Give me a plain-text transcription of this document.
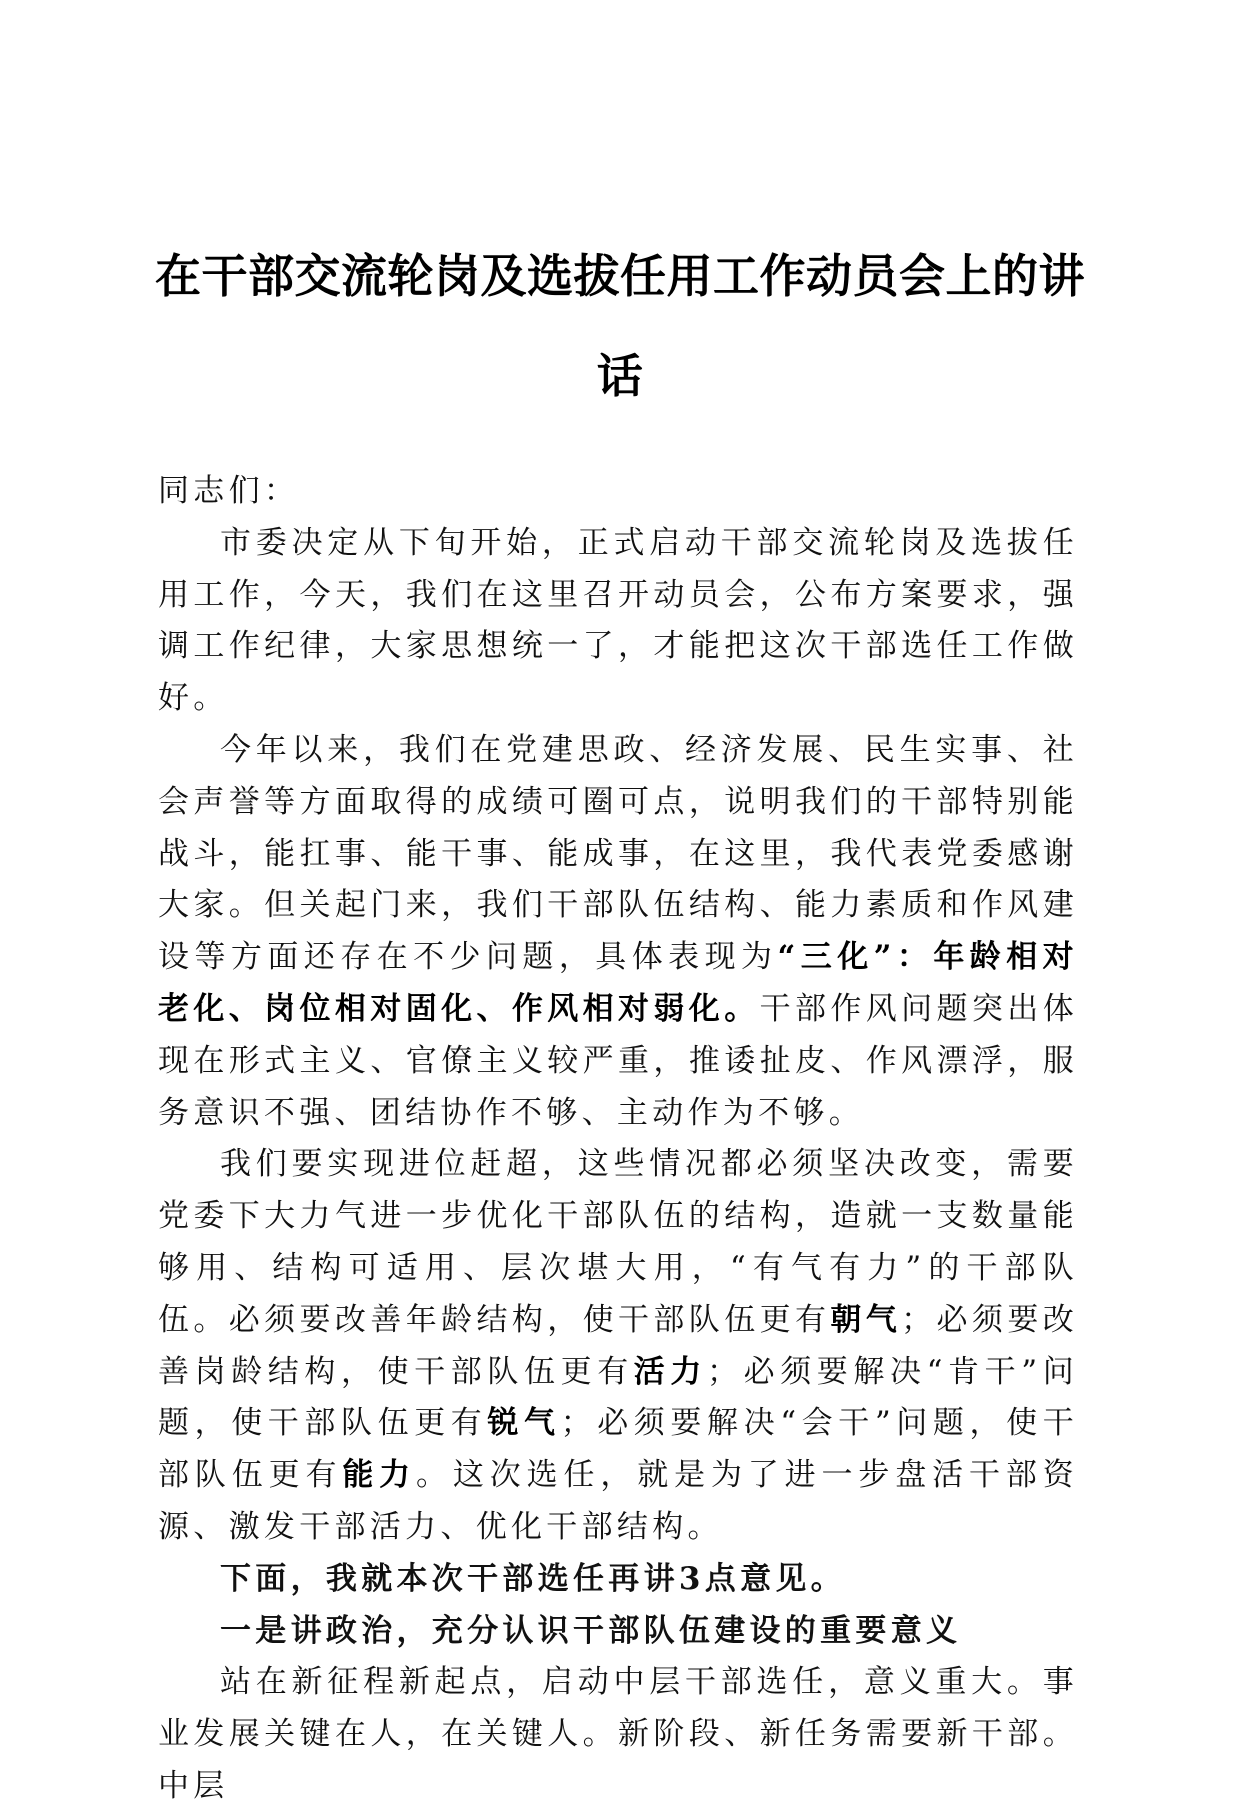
在干部交流轮岗及选拔任用工作动员会上的讲话

同志们：

市委决定从下旬开始，正式启动干部交流轮岗及选拔任用工作，今天，我们在这里召开动员会，公布方案要求，强调工作纪律，大家思想统一了，才能把这次干部选任工作做好。

今年以来，我们在党建思政、经济发展、民生实事、社会声誉等方面取得的成绩可圈可点，说明我们的干部特别能战斗，能扛事、能干事、能成事，在这里，我代表党委感谢大家。但关起门来，我们干部队伍结构、能力素质和作风建设等方面还存在不少问题，具体表现为“三化”：年龄相对老化、岗位相对固化、作风相对弱化。干部作风问题突出体现在形式主义、官僚主义较严重，推诿扯皮、作风漂浮，服务意识不强、团结协作不够、主动作为不够。

我们要实现进位赶超，这些情况都必须坚决改变，需要党委下大力气进一步优化干部队伍的结构，造就一支数量能够用、结构可适用、层次堪大用，“有气有力”的干部队伍。必须要改善年龄结构，使干部队伍更有朝气；必须要改善岗龄结构，使干部队伍更有活力；必须要解决“肯干”问题，使干部队伍更有锐气；必须要解决“会干”问题，使干部队伍更有能力。这次选任，就是为了进一步盘活干部资源、激发干部活力、优化干部结构。

下面，我就本次干部选任再讲3点意见。

一是讲政治，充分认识干部队伍建设的重要意义

站在新征程新起点，启动中层干部选任，意义重大。事业发展关键在人，在关键人。新阶段、新任务需要新干部。中层
